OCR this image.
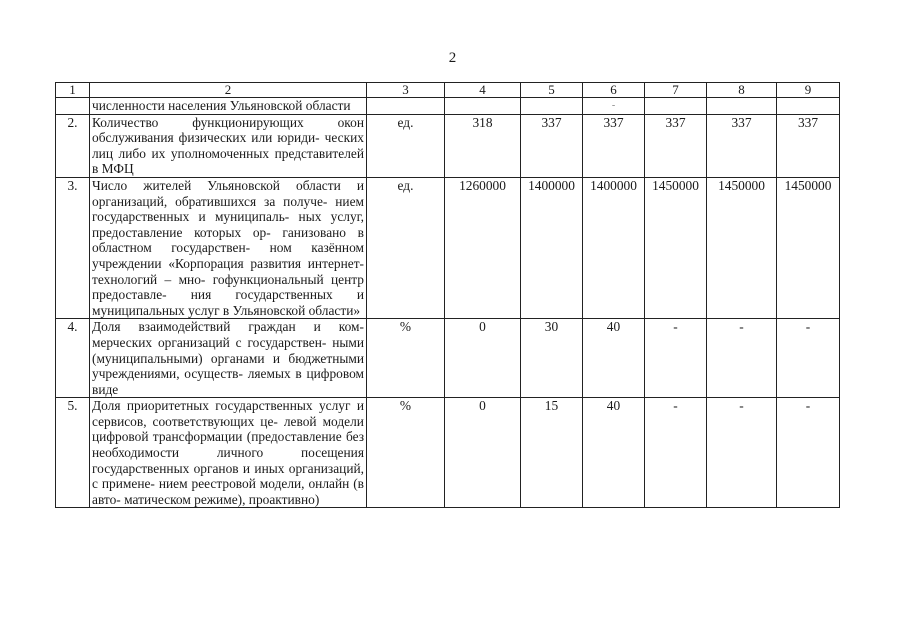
2
1	2	3	4	5	6	7	8	9
	численности населения Ульяновской области				-			
2.	Количество функционирующих окон обслуживания физических или юриди- ческих лиц либо их уполномоченных представителей в МФЦ	ед.	318	337	337	337	337	337
3.	Число жителей Ульяновской области и организаций, обратившихся за получе- нием государственных и муниципаль- ных услуг, предоставление которых ор- ганизовано в областном государствен- ном казённом учреждении «Корпорация развития интернет-технологий – мно- гофункциональный центр предоставле- ния государственных и муниципальных услуг в Ульяновской области»	ед.	1260000	1400000	1400000	1450000	1450000	1450000
4.	Доля взаимодействий граждан и ком- мерческих организаций с государствен- ными (муниципальными) органами и бюджетными учреждениями, осуществ- ляемых в цифровом виде	%	0	30	40	-	-	-
5.	Доля приоритетных государственных услуг и сервисов, соответствующих це- левой модели цифровой трансформации (предоставление без необходимости личного посещения государственных органов и иных организаций, с примене- нием реестровой модели, онлайн (в авто- матическом режиме), проактивно)	%	0	15	40	-	-	-
